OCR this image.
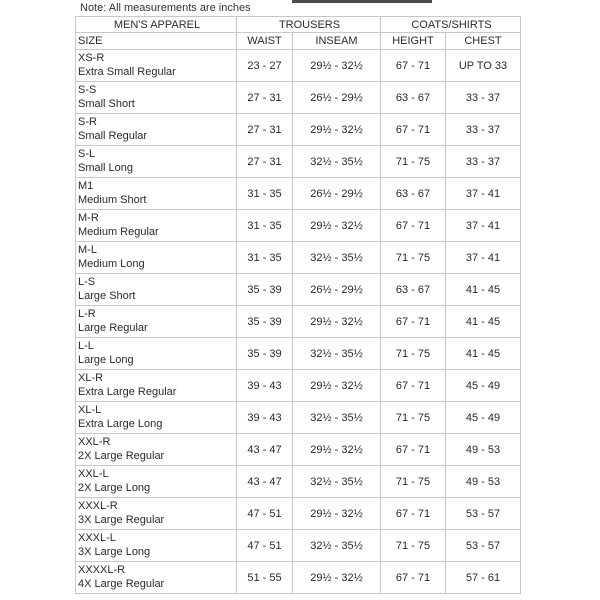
Note: All measurements are inches
MEN'S APPAREL	TROUSERS		COATS/SHIRTS	
SIZE	WAIST	INSEAM	HEIGHT	CHEST

XS-R
Extra Small Regular	23 - 27	29½ - 32½	67 - 71	UP TO 33

S-S
Small Short	27 - 31	26½ - 29½	63 - 67	33 - 37

S-R
Small Regular	27 - 31	29½ - 32½	67 - 71	33 - 37

S-L
Small Long	27 - 31	32½ - 35½	71 - 75	33 - 37

M1
Medium Short	31 - 35	26½ - 29½	63 - 67	37 - 41

M-R
Medium Regular	31 - 35	29½ - 32½	67 - 71	37 - 41

M-L
Medium Long	31 - 35	32½ - 35½	71 - 75	37 - 41

L-S
Large Short	35 - 39	26½ - 29½	63 - 67	41 - 45

L-R
Large Regular	35 - 39	29½ - 32½	67 - 71	41 - 45

L-L
Large Long	35 - 39	32½ - 35½	71 - 75	41 - 45

XL-R
Extra Large Regular	39 - 43	29½ - 32½	67 - 71	45 - 49

XL-L
Extra Large Long	39 - 43	32½ - 35½	71 - 75	45 - 49

XXL-R
2X Large Regular	43 - 47	29½ - 32½	67 - 71	49 - 53

XXL-L
2X Large Long	43 - 47	32½ - 35½	71 - 75	49 - 53

XXXL-R
3X Large Regular	47 - 51	29½ - 32½	67 - 71	53 - 57

XXXL-L
3X Large Long	47 - 51	32½ - 35½	71 - 75	53 - 57

XXXXL-R
4X Large Regular	51 - 55	29½ - 32½	67 - 71	57 - 61
